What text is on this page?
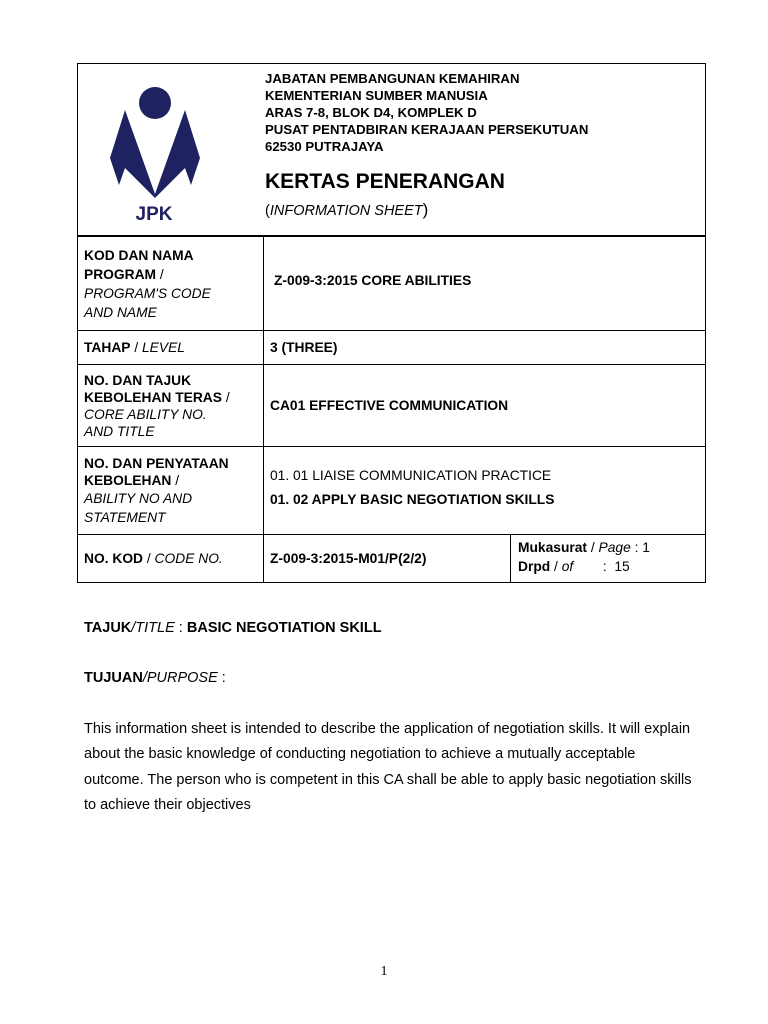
JPK
JABATAN PEMBANGUNAN KEMAHIRAN
KEMENTERIAN SUMBER MANUSIA
ARAS 7-8, BLOK D4, KOMPLEK D
PUSAT PENTADBIRAN KERAJAAN PERSEKUTUAN
62530 PUTRAJAYA
KERTAS PENERANGAN
(INFORMATION SHEET)
KOD DAN NAMA
PROGRAM /
PROGRAM'S CODE
AND NAME	Z-009-3:2015 CORE ABILITIES
TAHAP / LEVEL	3 (THREE)

NO. DAN TAJUK
KEBOLEHAN TERAS /
CORE ABILITY NO.
AND TITLE	CA01 EFFECTIVE COMMUNICATION

NO. DAN PENYATAAN
KEBOLEHAN /
ABILITY NO AND
STATEMENT	01. 01 LIAISE COMMUNICATION PRACTICE
01. 02 APPLY BASIC NEGOTIATION SKILLS

NO. KOD / CODE NO.	Z-009-3:2015-M01/P(2/2)
Mukasurat / Page : 1
Drpd / of  :  15
TAJUK/TITLE : BASIC NEGOTIATION SKILL
TUJUAN/PURPOSE :

This information sheet is intended to describe the application of negotiation skills. It will explain about the basic knowledge of conducting negotiation to achieve a mutually acceptable outcome. The person who is competent in this CA shall be able to apply basic negotiation skills to achieve their objectives

1
